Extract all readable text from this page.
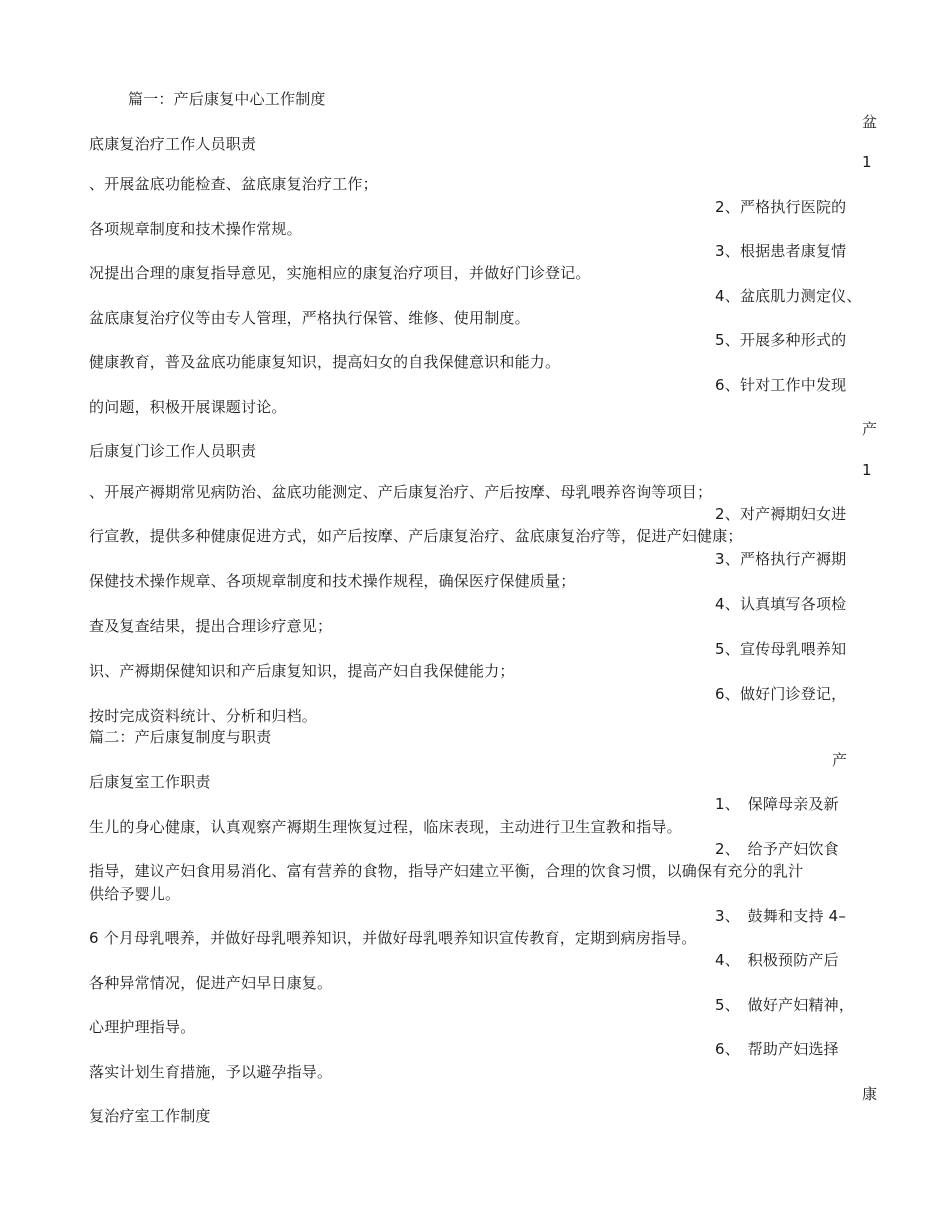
篇一：产后康复中心工作制度
盆
底康复治疗工作人员职责
1
、开展盆底功能检查、盆底康复治疗工作；
2、严格执行医院的
各项规章制度和技术操作常规。
3、根据患者康复情
况提出合理的康复指导意见，实施相应的康复治疗项目，并做好门诊登记。
4、盆底肌力测定仪、
盆底康复治疗仪等由专人管理，严格执行保管、维修、使用制度。
5、开展多种形式的
健康教育，普及盆底功能康复知识，提高妇女的自我保健意识和能力。
6、针对工作中发现
的问题，积极开展课题讨论。
产
后康复门诊工作人员职责
1
、开展产褥期常见病防治、盆底功能测定、产后康复治疗、产后按摩、母乳喂养咨询等项目；
2、对产褥期妇女进
行宣教，提供多种健康促进方式，如产后按摩、产后康复治疗、盆底康复治疗等，促进产妇健康；
3、严格执行产褥期
保健技术操作规章、各项规章制度和技术操作规程，确保医疗保健质量；
4、认真填写各项检
查及复查结果，提出合理诊疗意见；
5、宣传母乳喂养知
识、产褥期保健知识和产后康复知识，提高产妇自我保健能力；
6、做好门诊登记，
按时完成资料统计、分析和归档。
篇二：产后康复制度与职责
产
后康复室工作职责
1、　保障母亲及新
生儿的身心健康，认真观察产褥期生理恢复过程，临床表现，主动进行卫生宣教和指导。
2、　给予产妇饮食
指导，建议产妇食用易消化、富有营养的食物，指导产妇建立平衡，合理的饮食习惯，以确保有充分的乳汁
供给予婴儿。
3、　鼓舞和支持 4–
6 个月母乳喂养，并做好母乳喂养知识，并做好母乳喂养知识宣传教育，定期到病房指导。
4、　积极预防产后
各种异常情况，促进产妇早日康复。
5、　做好产妇精神，
心理护理指导。
6、　帮助产妇选择
落实计划生育措施，予以避孕指导。
康
复治疗室工作制度
